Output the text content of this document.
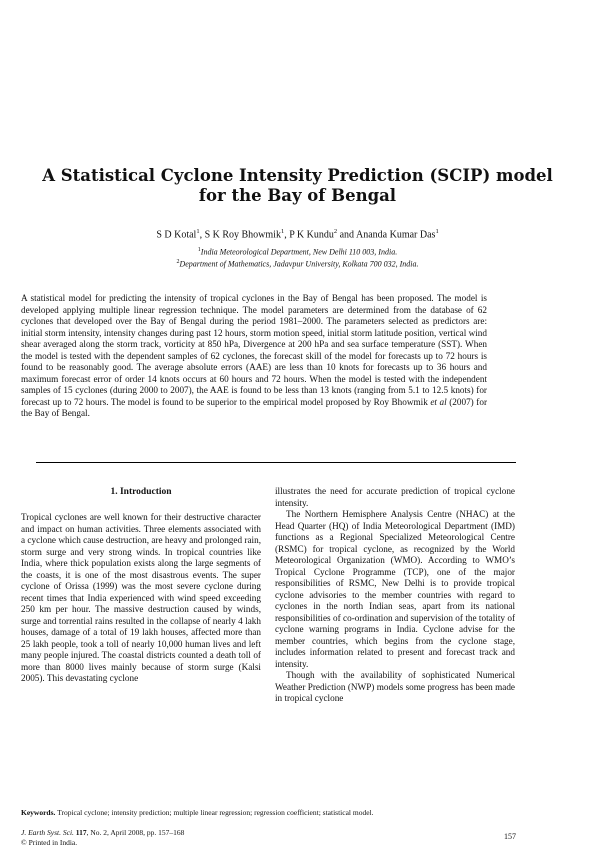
A Statistical Cyclone Intensity Prediction (SCIP) model
for the Bay of Bengal
S D Kotal$^1$, S K Roy Bhowmik$^1$, P K Kundu$^2$ and Ananda Kumar Das$^1$
$^1$India Meteorological Department, New Delhi 110 003, India.
$^2$Department of Mathematics, Jadavpur University, Kolkata 700 032, India.
A statistical model for predicting the intensity of tropical cyclones in the Bay of Bengal has been proposed. The model is developed applying multiple linear regression technique. The model parameters are determined from the database of 62 cyclones that developed over the Bay of Bengal during the period 1981–2000. The parameters selected as predictors are: initial storm intensity, intensity changes during past 12 hours, storm motion speed, initial storm latitude position, vertical wind shear averaged along the storm track, vorticity at 850 hPa, Divergence at 200 hPa and sea surface temperature (SST). When the model is tested with the dependent samples of 62 cyclones, the forecast skill of the model for forecasts up to 72 hours is found to be reasonably good. The average absolute errors (AAE) are less than 10 knots for forecasts up to 36 hours and maximum forecast error of order 14 knots occurs at 60 hours and 72 hours. When the model is tested with the independent samples of 15 cyclones (during 2000 to 2007), the AAE is found to be less than 13 knots (ranging from 5.1 to 12.5 knots) for forecast up to 72 hours. The model is found to be superior to the empirical model proposed by Roy Bhowmik et al (2007) for the Bay of Bengal.
1. Introduction
Tropical cyclones are well known for their destructive character and impact on human activities. Three elements associated with a cyclone which cause destruction, are heavy and prolonged rain, storm surge and very strong winds. In tropical countries like India, where thick population exists along the large segments of the coasts, it is one of the most disastrous events. The super cyclone of Orissa (1999) was the most severe cyclone during recent times that India experienced with wind speed exceeding 250 km per hour. The massive destruction caused by winds, surge and torrential rains resulted in the collapse of nearly 4 lakh houses, damage of a total of 19 lakh houses, affected more than 25 lakh people, took a toll of nearly 10,000 human lives and left many people injured. The coastal districts counted a death toll of more than 8000 lives mainly because of storm surge (Kalsi 2005). This devastating cyclone
illustrates the need for accurate prediction of tropical cyclone intensity.
The Northern Hemisphere Analysis Centre (NHAC) at the Head Quarter (HQ) of India Meteorological Department (IMD) functions as a Regional Specialized Meteorological Centre (RSMC) for tropical cyclone, as recognized by the World Meteorological Organization (WMO). According to WMO’s Tropical Cyclone Programme (TCP), one of the major responsibilities of RSMC, New Delhi is to provide tropical cyclone advisories to the member countries with regard to cyclones in the north Indian seas, apart from its national responsibilities of co-ordination and supervision of the totality of cyclone warning programs in India. Cyclone advise for the member countries, which begins from the cyclone stage, includes information related to present and forecast track and intensity.
Though with the availability of sophisticated Numerical Weather Prediction (NWP) models some progress has been made in tropical cyclone
Keywords. Tropical cyclone; intensity prediction; multiple linear regression; regression coefficient; statistical model.
J. Earth Syst. Sci. 117, No. 2, April 2008, pp. 157–168
© Printed in India.
157
